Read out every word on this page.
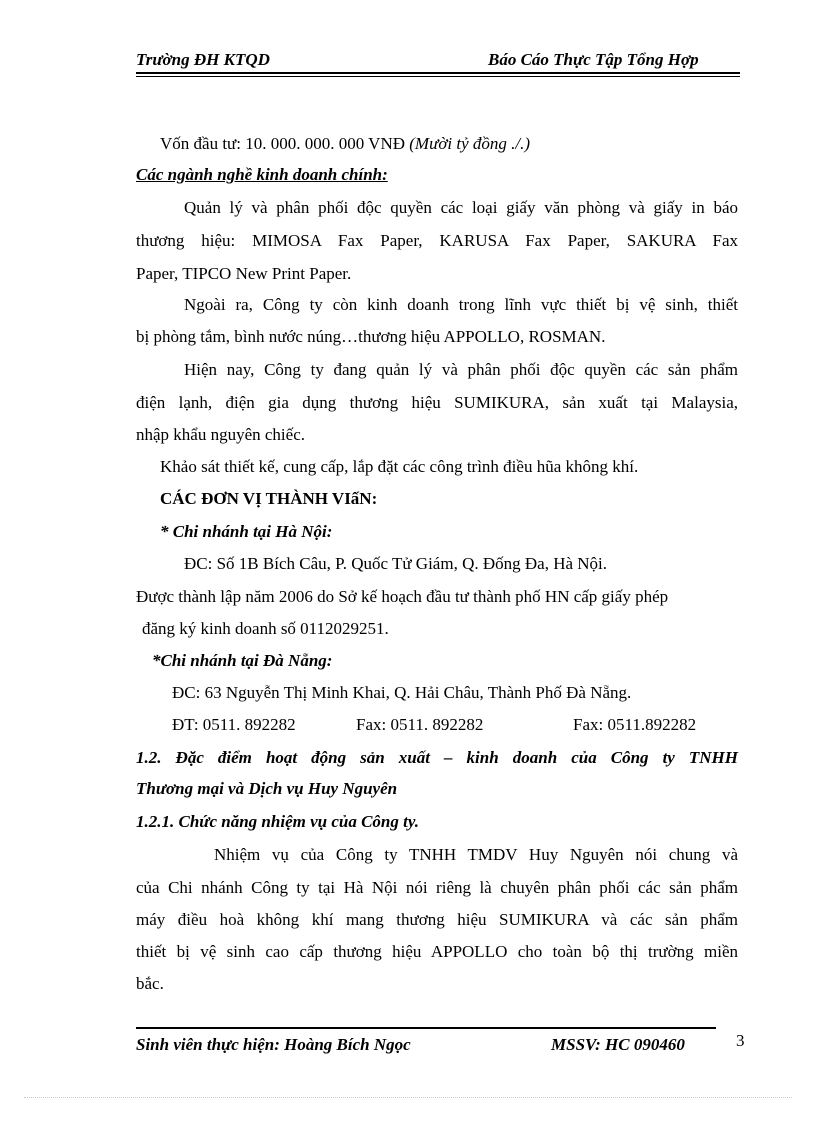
Trường ĐH KTQD	Báo Cáo Thực Tập Tổng Hợp
Vốn đầu tư: 10. 000. 000. 000 VNĐ (Mười tỷ đồng ./.)
Các ngành nghề kinh doanh chính:
Quản lý và phân phối độc quyền các loại giấy văn phòng và giấy in báo
thương hiệu: MIMOSA Fax Paper, KARUSA Fax Paper, SAKURA Fax
Paper, TIPCO New Print Paper.
Ngoài ra, Công ty còn kinh doanh trong lĩnh vực thiết bị vệ sinh, thiết
bị phòng tắm, bình nước núng…thương hiệu APPOLLO, ROSMAN.
Hiện nay, Công ty đang quản lý và phân phối độc quyền các sản phẩm
điện lạnh, điện gia dụng thương hiệu SUMIKURA, sản xuất tại Malaysia,
nhập khẩu nguyên chiếc.
Khảo sát thiết kế, cung cấp, lắp đặt các công trình điều hũa không khí.
CÁC ĐƠN VỊ THÀNH VIấN:
* Chi nhánh tại Hà Nội:
ĐC: Số 1B Bích Câu, P. Quốc Tử Giám, Q. Đống Đa, Hà Nội.
Được thành lập năm 2006 do Sở kế hoạch đầu tư thành phố HN cấp giấy phép
đăng ký kinh doanh số 0112029251.
*Chi nhánh tại Đà Nẵng:
ĐC: 63 Nguyễn Thị Minh Khai, Q. Hải Châu, Thành Phố Đà Nẵng.
ĐT: 0511. 892282	Fax: 0511. 892282	Fax: 0511.892282
1.2. Đặc điểm hoạt động sản xuất – kinh doanh của Công ty TNHH
Thương mại và Dịch vụ Huy Nguyên
1.2.1. Chức năng nhiệm vụ của Công ty.
Nhiệm vụ của Công ty TNHH TMDV Huy Nguyên nói chung và
của Chi nhánh Công ty tại Hà Nội nói riêng là chuyên phân phối các sản phẩm
máy điều hoà không khí mang thương hiệu SUMIKURA và các sản phẩm
thiết bị vệ sinh cao cấp thương hiệu APPOLLO cho toàn bộ thị trường miền
bắc.
Sinh viên thực hiện: Hoàng Bích Ngọc	MSSV: HC 090460	3
